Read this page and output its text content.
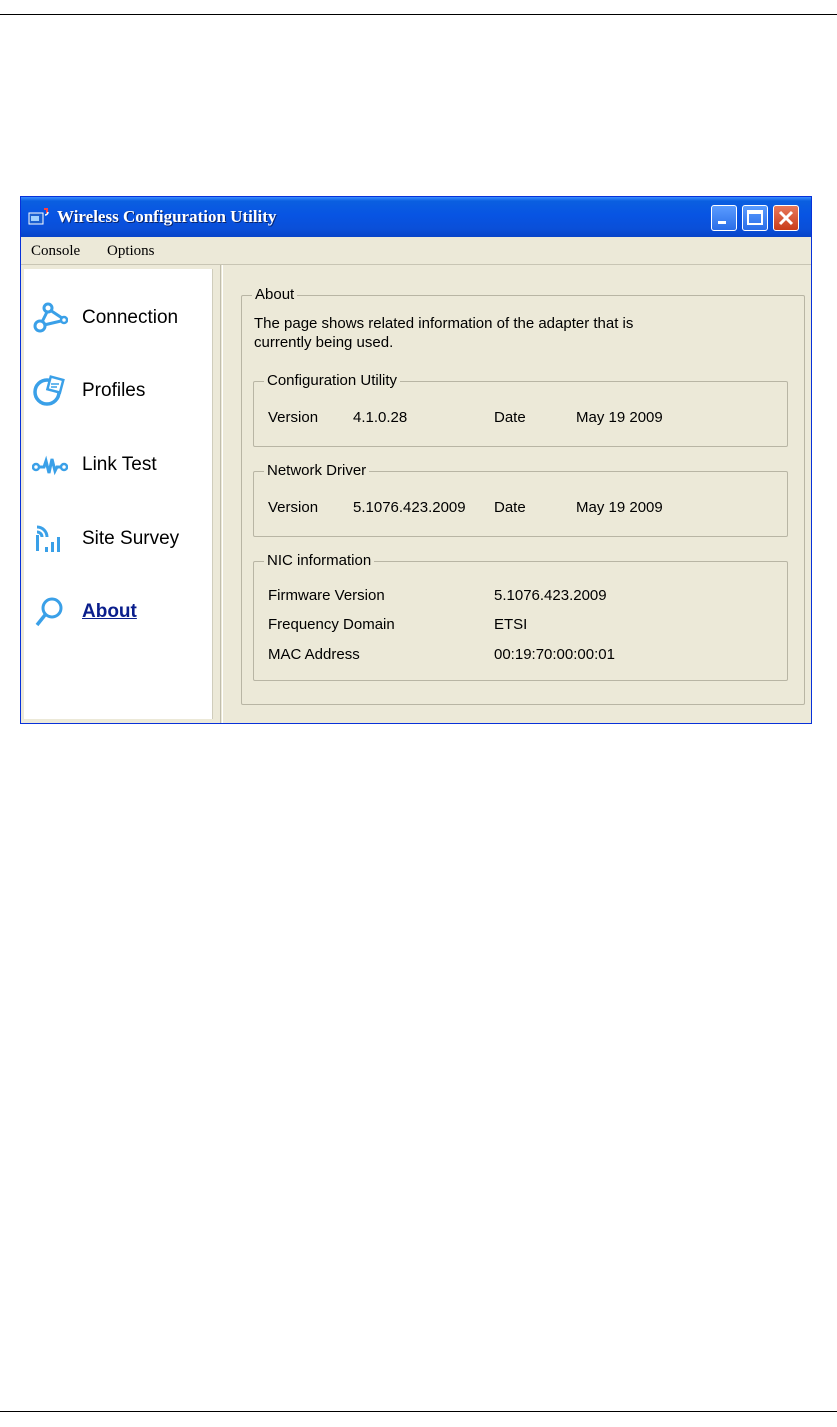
Wireless Configuration Utility
Console Options
Connection
Profiles
Link Test
Site Survey
About
About
The page shows related information of the adapter that is
currently being used.
Configuration Utility
Version 4.1.0.28	Date	May 19 2009
Network Driver
Version 5.1076.423.2009 Date	May 19 2009
NIC information
Firmware Version	5.1076.423.2009
Frequency Domain	ETSI
MAC Address	00:19:70:00:00:01
